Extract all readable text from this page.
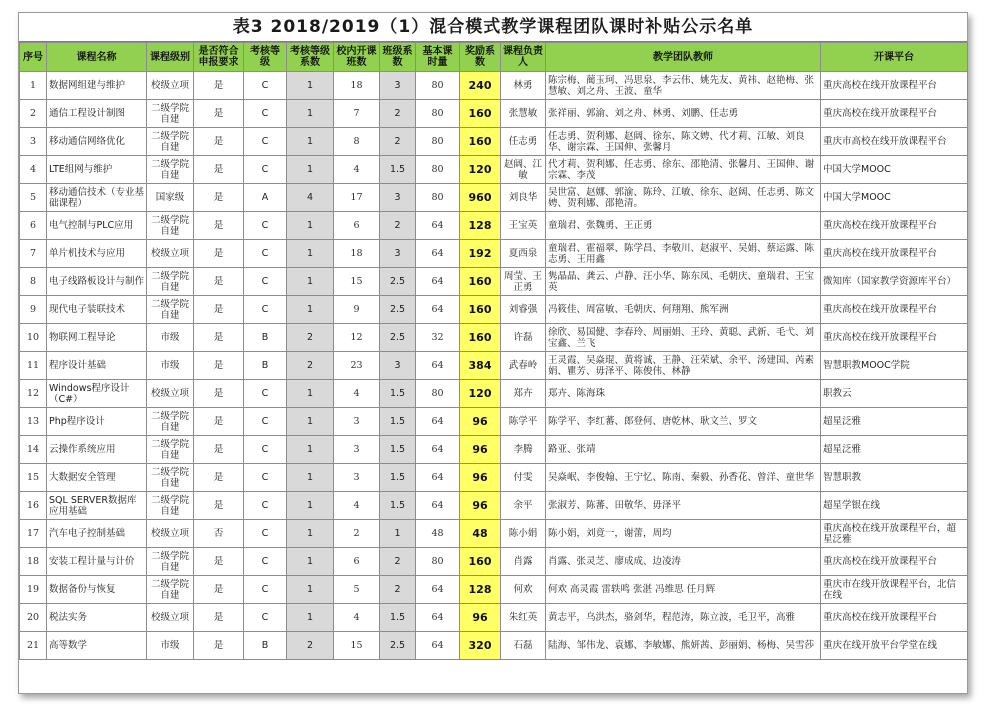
表3 2018/2019（1）混合模式教学课程团队课时补贴公示名单
序号	课程名称	课程级别	是否符合申报要求	考核等级	考核等级系数	校内开课班数	班级系数	基本课时量	奖励系数	课程负责人	教学团队教师	开课平台
1	数据网组建与维护	校级立项	是	C	1	18	3	80	240	林勇	陈宗梅、蔺玉珂、冯思泉、李云伟、姚先友、黄祎、赵艳梅、张慧敏、刘之舟、王波、童华	重庆高校在线开放课程平台
2	通信工程设计制图	二级学院自建	是	C	1	7	2	80	160	张慧敏	张祥丽、郭渝、刘之舟、林勇、刘鹏、任志勇	重庆高校在线开放课程平台
3	移动通信网络优化	二级学院自建	是	C	1	8	2	80	160	任志勇	任志勇、贺利娜、赵阔、徐东、陈文娉、代才莉、江敏、刘良华、谢宗霖、王国伸、张馨月	重庆市高校在线开放课程平台
4	LTE组网与维护	二级学院自建	是	C	1	4	1.5	80	120	赵阔、江敏	代才莉、贺利娜、任志勇、徐东、邵艳清、张馨月、王国伸、谢宗霖、李茂	中国大学MOOC
5	移动通信技术（专业基础课程）	国家级	是	A	4	17	3	80	960	刘良华	吴世富、赵娜、郭渝、陈玲、江敏、徐东、赵阔、任志勇、陈文娉、贺利娜、邵艳清。	中国大学MOOC
6	电气控制与PLC应用	二级学院自建	是	C	1	6	2	64	128	王宝英	童瑞君、张魏勇、王正勇	重庆高校在线开放课程平台
7	单片机技术与应用	校级立项	是	C	1	18	3	64	192	夏西泉	童瑞君、霍福翠、陈学昌、李敬川、赵淑平、吴娟、蔡运露、陈志勇、王用鑫	重庆高校在线开放课程平台
8	电子线路板设计与制作	二级学院自建	是	C	1	15	2.5	64	160	周莹、王正勇	隽晶晶、龚云、卢静、汪小华、陈东凤、毛朝庆、童瑞君、王宝英	微知库（国家教学资源库平台）
9	现代电子装联技术	二级学院自建	是	C	1	9	2.5	64	160	刘睿强	冯筱佳、周富敏、毛朝庆、何翔翔、熊军洲	重庆高校在线开放课程平台
10	物联网工程导论	市级	是	B	2	12	2.5	32	160	许磊	徐欣、易国健、李春玲、周丽娟、王玲、黄聪、武新、毛弋、刘宝鑫、兰飞	重庆高校在线开放课程平台
11	程序设计基础	市级	是	B	2	23	3	64	384	武春岭	王灵霞、吴焱琨、黄将诚、王静、汪荣斌、余平、汤建国、芮素娟、瞿芳、毋泽平、陈俊伟、林静	智慧职教MOOC学院
12	Windows程序设计（C#）	校级立项	是	C	1	4	1.5	80	120	郑卉	郑卉、陈海珠	职教云
13	Php程序设计	二级学院自建	是	C	1	3	1.5	64	96	陈学平	陈学平、李红蕃、郎登何、唐乾林、耿文兰、罗文	超星泛雅
14	云操作系统应用	二级学院自建	是	C	1	3	1.5	64	96	李腾	路亚、张靖	超星泛雅
15	大数据安全管理	二级学院自建	是	C	1	3	1.5	64	96	付雯	吴焱岷、李俊翰、王宁忆、陈南、秦毅、孙香花、曾洋、童世华	智慧职教
16	SQL SERVER数据库应用基础	二级学院自建	是	C	1	4	1.5	64	96	余平	张淑芳、陈蕃、田敬华、毋泽平	超星学银在线
17	汽车电子控制基础	校级立项	否	C	1	2	1	48	48	陈小娟	陈小娟，刘竟一，谢蕾，周均	重庆高校在线开放课程平台，超星泛雅
18	安装工程计量与计价	二级学院自建	是	C	1	6	2	80	160	肖露	肖露、张灵芝、廖成成、边凌涛	重庆高校在线开放课程平台
19	数据备份与恢复	二级学院自建	是	C	1	5	2	64	128	何欢	何欢 高灵霞 雷轶鸣 张湛 冯维思 任月辉	重庆市在线开放课程平台，北信在线
20	税法实务	校级立项	是	C	1	4	1.5	64	96	朱红英	黄志平，乌洪杰，骆剑华，程范涛，陈立波，毛卫平，高雅	重庆高校在线开放课程平台
21	高等数学	市级	是	B	2	15	2.5	64	320	石磊	陆海、邹伟龙、袁娜、李敏娜、熊妍茜、彭丽娟、杨梅、吴雪莎	重庆在线开放平台学堂在线
